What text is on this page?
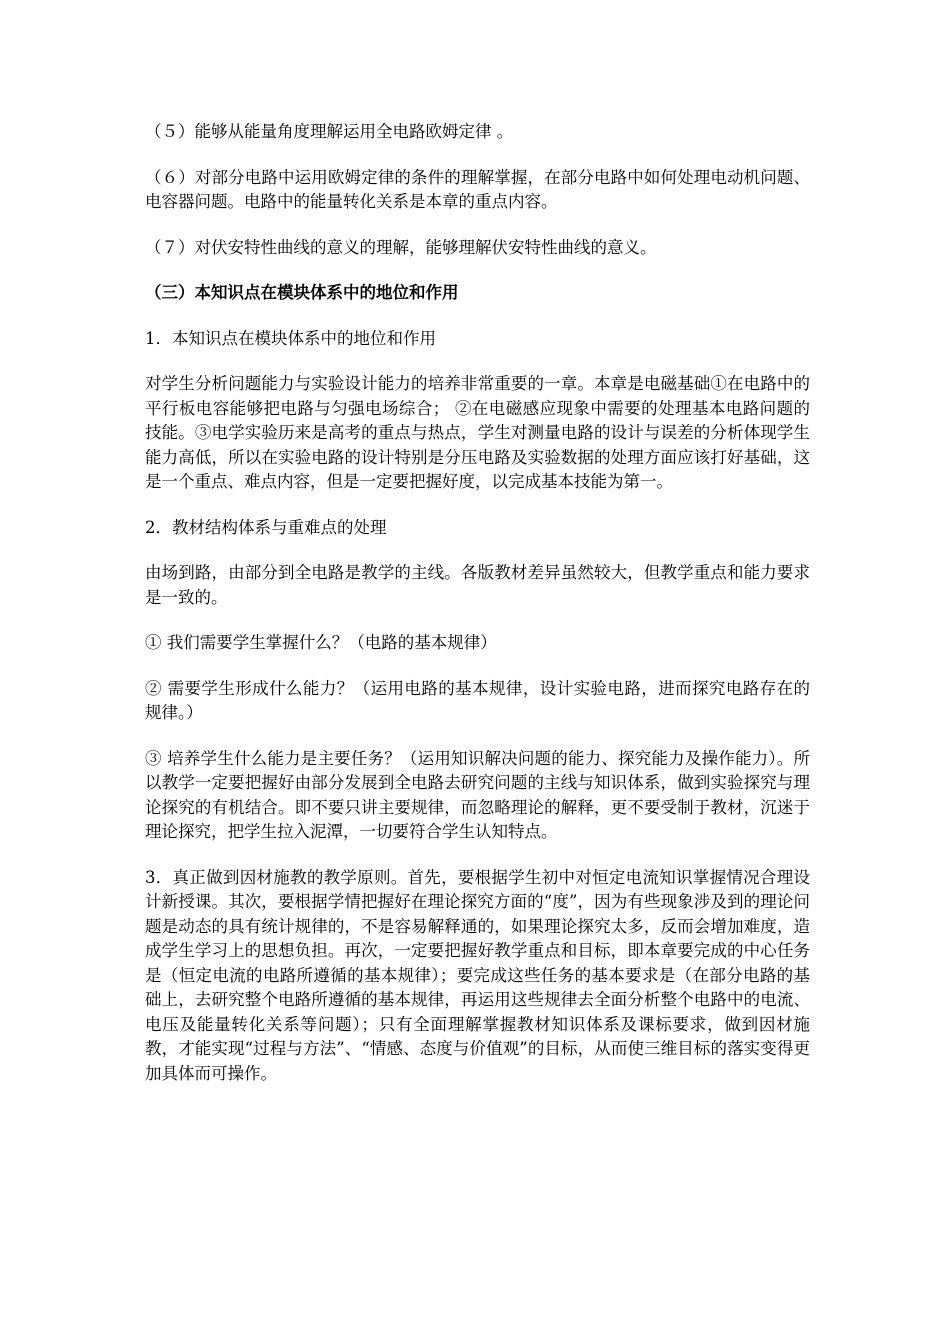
（５）能够从能量角度理解运用全电路欧姆定律 。

（６）对部分电路中运用欧姆定律的条件的理解掌握，在部分电路中如何处理电动机问题、电容器问题。电路中的能量转化关系是本章的重点内容。

（７）对伏安特性曲线的意义的理解，能够理解伏安特性曲线的意义。

（三）本知识点在模块体系中的地位和作用

1．本知识点在模块体系中的地位和作用

对学生分析问题能力与实验设计能力的培养非常重要的一章。本章是电磁基础①在电路中的平行板电容能够把电路与匀强电场综合； ②在电磁感应现象中需要的处理基本电路问题的技能。③电学实验历来是高考的重点与热点，学生对测量电路的设计与误差的分析体现学生能力高低，所以在实验电路的设计特别是分压电路及实验数据的处理方面应该打好基础，这是一个重点、难点内容，但是一定要把握好度，以完成基本技能为第一。

2．教材结构体系与重难点的处理

由场到路，由部分到全电路是教学的主线。各版教材差异虽然较大，但教学重点和能力要求是一致的。

① 我们需要学生掌握什么？（电路的基本规律）

② 需要学生形成什么能力？（运用电路的基本规律，设计实验电路，进而探究电路存在的规律。）

③ 培养学生什么能力是主要任务？（运用知识解决问题的能力、探究能力及操作能力）。所以教学一定要把握好由部分发展到全电路去研究问题的主线与知识体系，做到实验探究与理论探究的有机结合。即不要只讲主要规律，而忽略理论的解释，更不要受制于教材，沉迷于理论探究，把学生拉入泥潭，一切要符合学生认知特点。

3．真正做到因材施教的教学原则。首先，要根据学生初中对恒定电流知识掌握情况合理设计新授课。其次，要根据学情把握好在理论探究方面的“度”，因为有些现象涉及到的理论问题是动态的具有统计规律的，不是容易解释通的，如果理论探究太多，反而会增加难度，造成学生学习上的思想负担。再次，一定要把握好教学重点和目标，即本章要完成的中心任务是（恒定电流的电路所遵循的基本规律）；要完成这些任务的基本要求是（在部分电路的基础上，去研究整个电路所遵循的基本规律，再运用这些规律去全面分析整个电路中的电流、电压及能量转化关系等问题）；只有全面理解掌握教材知识体系及课标要求，做到因材施教，才能实现“过程与方法”、“情感、态度与价值观”的目标，从而使三维目标的落实变得更加具体而可操作。
